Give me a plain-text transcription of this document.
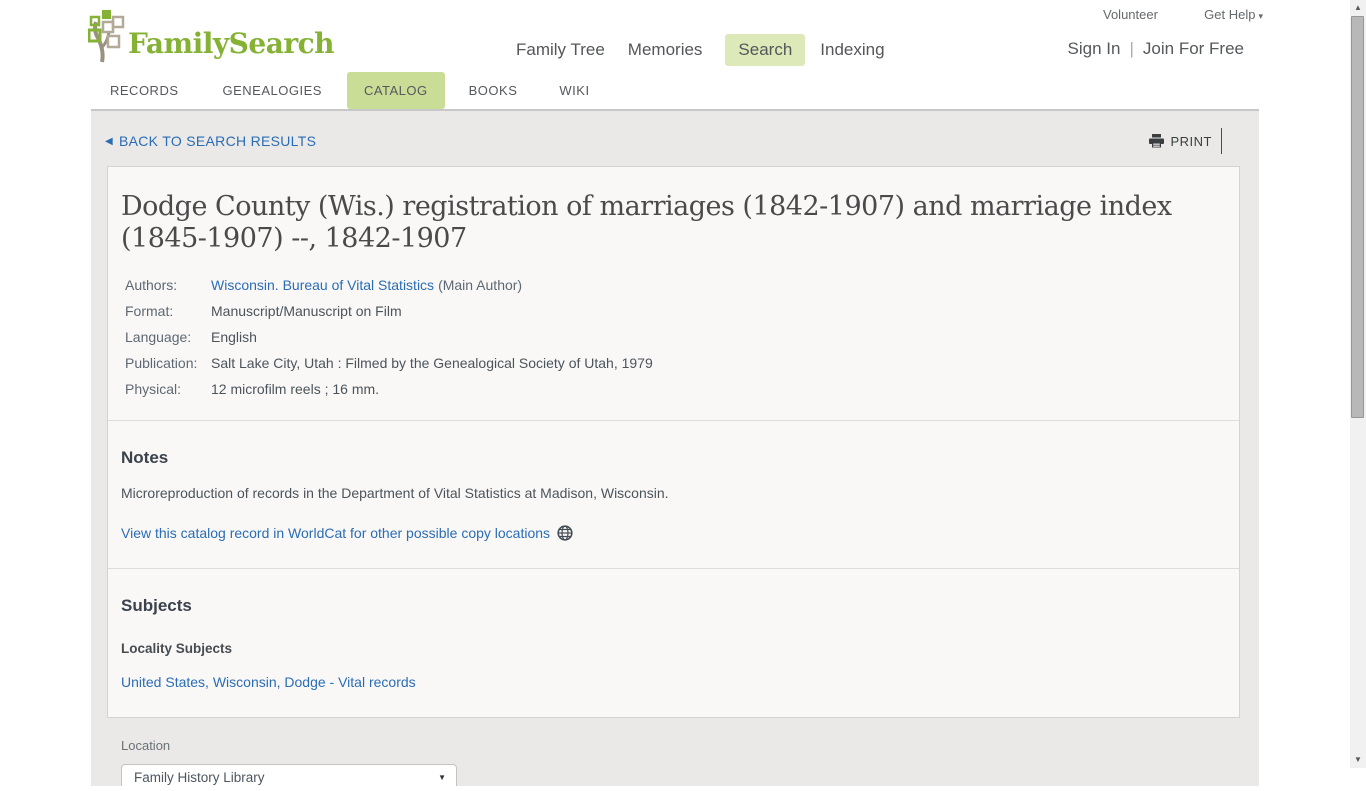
FamilySearch
Volunteer	Get Help ▾
Family Tree Memories	Search	Indexing	Sign In | Join For Free
RECORDS	GENEALOGIES	CATALOG	BOOKS	WIKI
◀ BACK TO SEARCH RESULTS	PRINT
Dodge County (Wis.) registration of marriages (1842-1907) and marriage index (1845-1907) --, 1842-1907
Authors:	Wisconsin. Bureau of Vital Statistics (Main Author)
Format:	Manuscript/Manuscript on Film
Language:	English
Publication: Salt Lake City, Utah : Filmed by the Genealogical Society of Utah, 1979
Physical:	12 microfilm reels ; 16 mm.
Notes
Microreproduction of records in the Department of Vital Statistics at Madison, Wisconsin.
View this catalog record in WorldCat for other possible copy locations
Subjects
Locality Subjects
United States, Wisconsin, Dodge - Vital records
Location
Family History Library	▼
▲
▼
